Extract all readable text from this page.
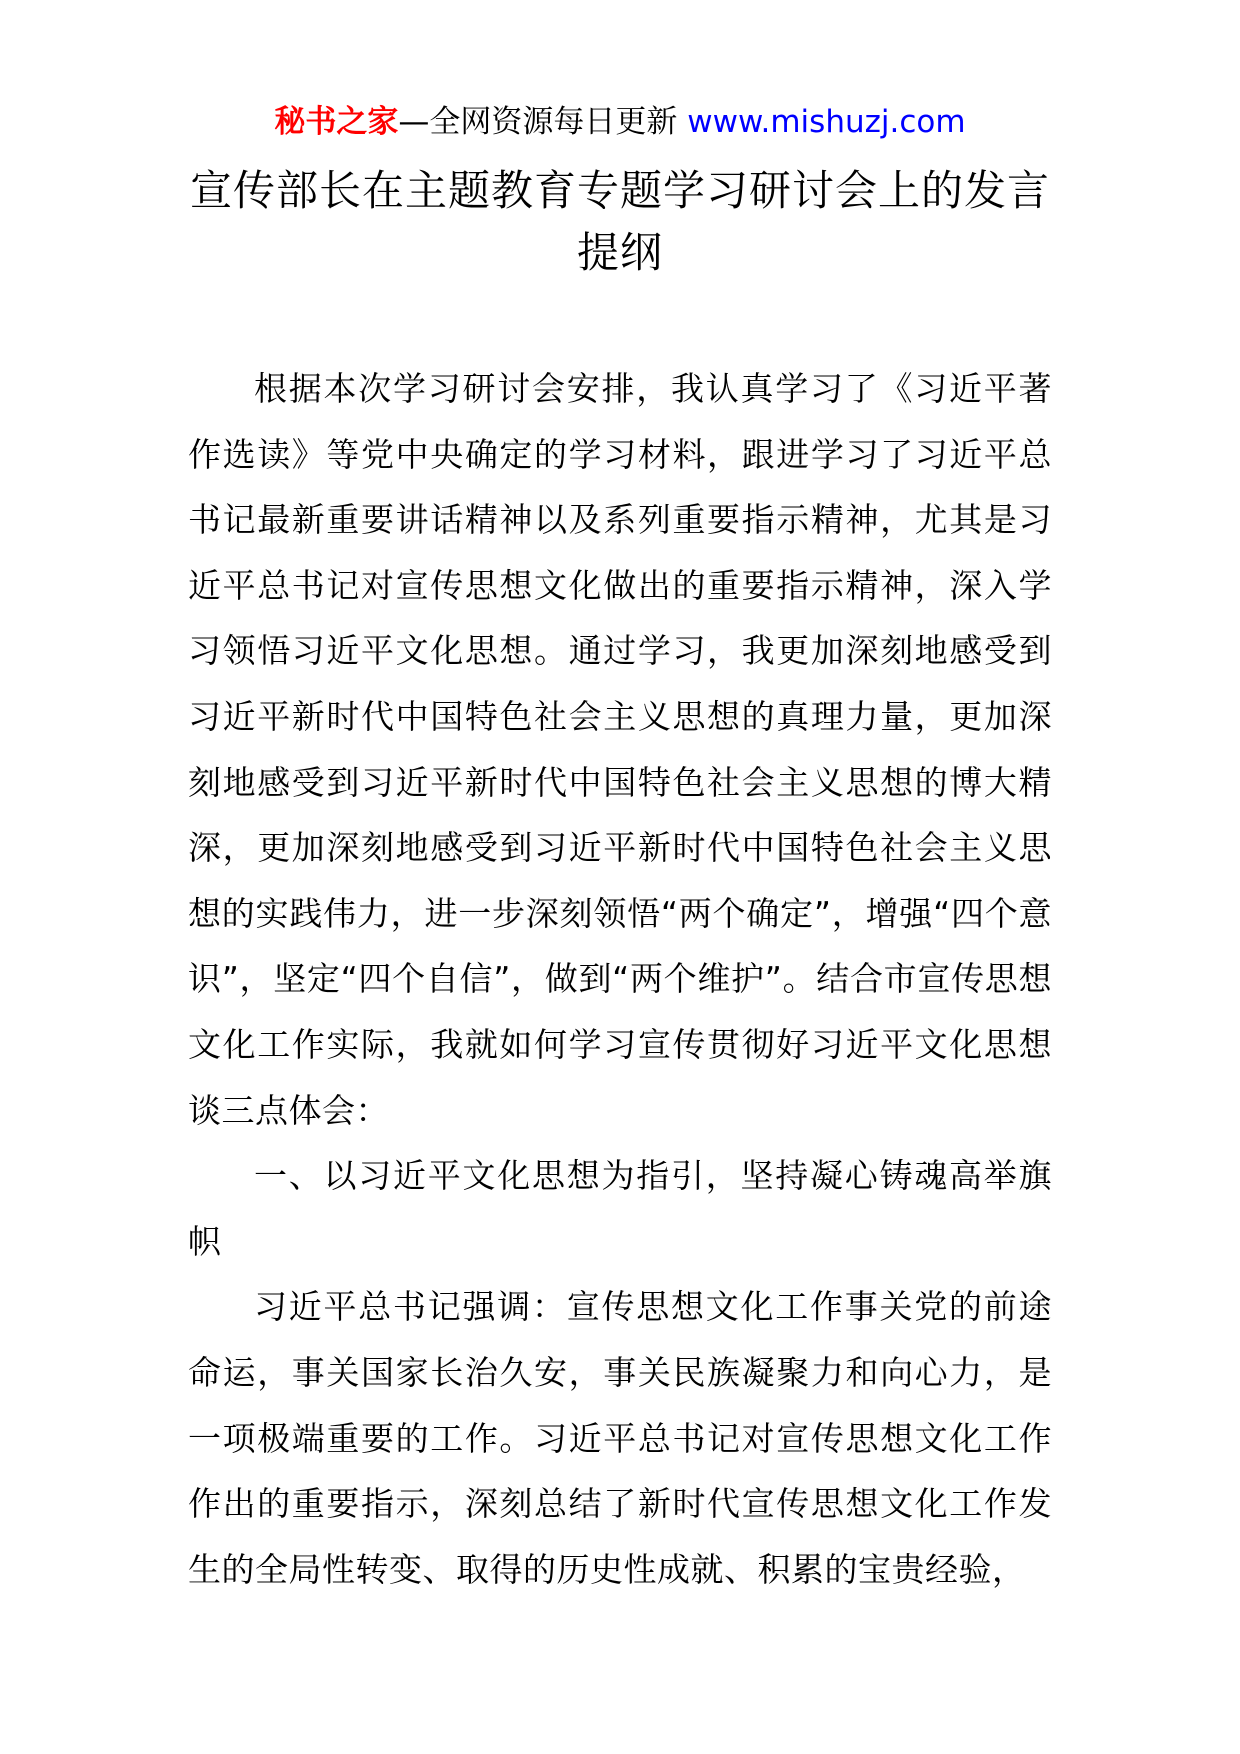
秘书之家—全网资源每日更新 www.mishuzj.com
宣传部长在主题教育专题学习研讨会上的发言提纲

根据本次学习研讨会安排，我认真学习了《习近平著作选读》等党中央确定的学习材料，跟进学习了习近平总书记最新重要讲话精神以及系列重要指示精神，尤其是习近平总书记对宣传思想文化做出的重要指示精神，深入学习领悟习近平文化思想。通过学习，我更加深刻地感受到习近平新时代中国特色社会主义思想的真理力量，更加深刻地感受到习近平新时代中国特色社会主义思想的博大精深，更加深刻地感受到习近平新时代中国特色社会主义思想的实践伟力，进一步深刻领悟“两个确定”，增强“四个意识”，坚定“四个自信”，做到“两个维护”。结合市宣传思想文化工作实际，我就如何学习宣传贯彻好习近平文化思想谈三点体会：

一、以习近平文化思想为指引，坚持凝心铸魂高举旗帜

习近平总书记强调：宣传思想文化工作事关党的前途命运，事关国家长治久安，事关民族凝聚力和向心力，是一项极端重要的工作。习近平总书记对宣传思想文化工作作出的重要指示，深刻总结了新时代宣传思想文化工作发生的全局性转变、取得的历史性成就、积累的宝贵经验，
